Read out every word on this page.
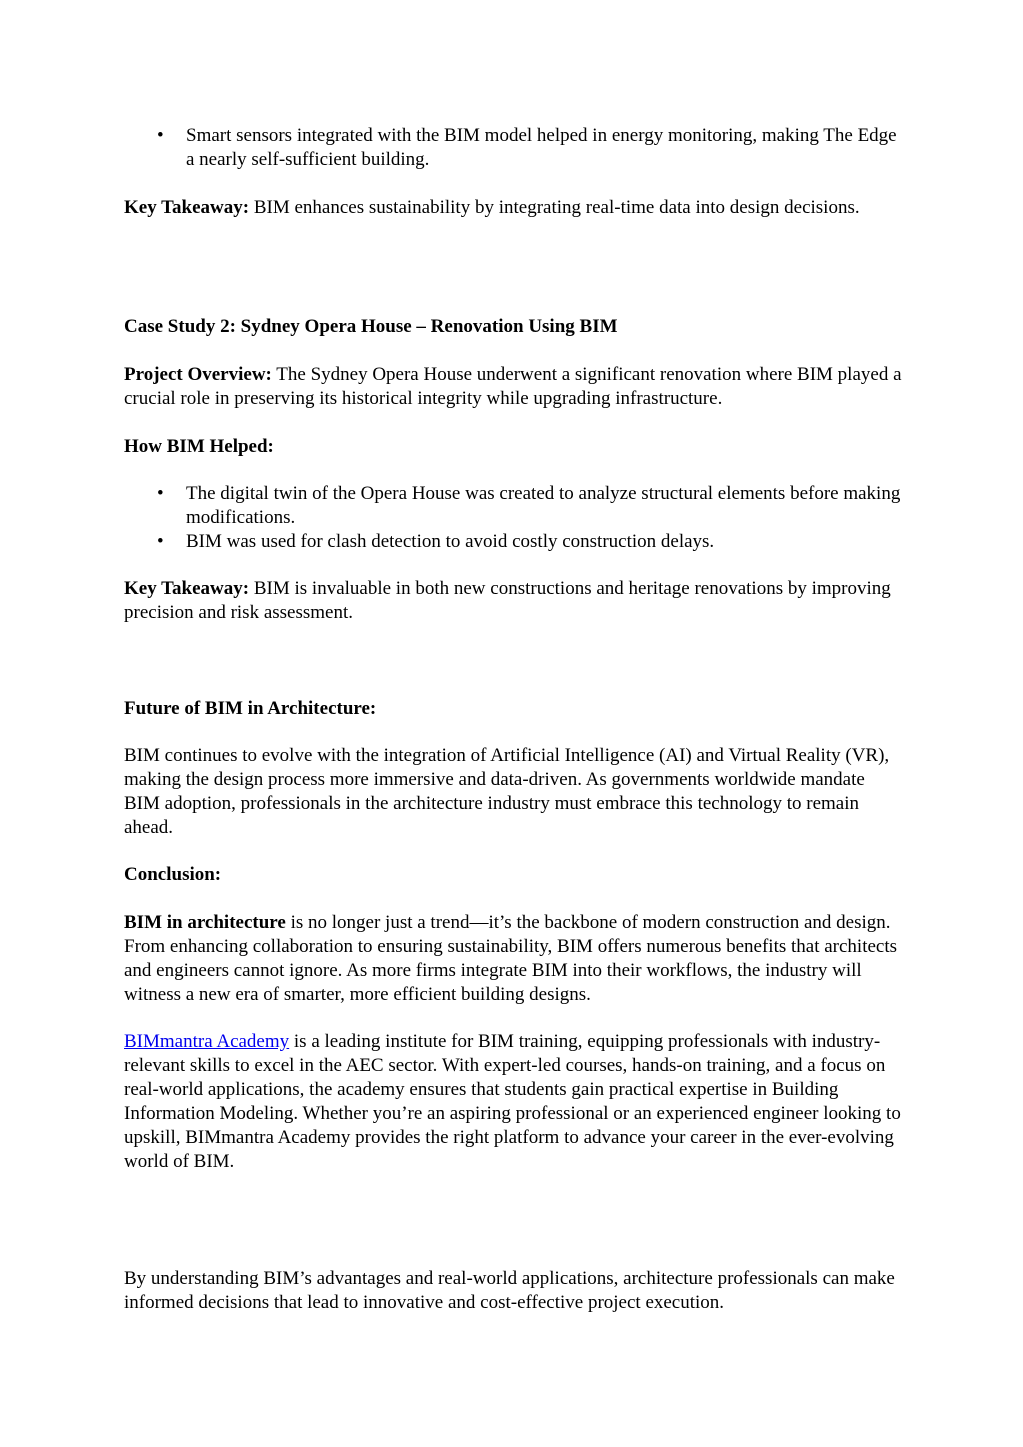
• Smart sensors integrated with the BIM model helped in energy monitoring, making The Edge a nearly self-sufficient building.

Key Takeaway: BIM enhances sustainability by integrating real-time data into design decisions.

Case Study 2: Sydney Opera House – Renovation Using BIM

Project Overview: The Sydney Opera House underwent a significant renovation where BIM played a crucial role in preserving its historical integrity while upgrading infrastructure.

How BIM Helped:

• The digital twin of the Opera House was created to analyze structural elements before making modifications.
• BIM was used for clash detection to avoid costly construction delays.

Key Takeaway: BIM is invaluable in both new constructions and heritage renovations by improving precision and risk assessment.

Future of BIM in Architecture:

BIM continues to evolve with the integration of Artificial Intelligence (AI) and Virtual Reality (VR), making the design process more immersive and data-driven. As governments worldwide mandate BIM adoption, professionals in the architecture industry must embrace this technology to remain ahead.

Conclusion:

BIM in architecture is no longer just a trend—it’s the backbone of modern construction and design. From enhancing collaboration to ensuring sustainability, BIM offers numerous benefits that architects and engineers cannot ignore. As more firms integrate BIM into their workflows, the industry will witness a new era of smarter, more efficient building designs.

BIMmantra Academy is a leading institute for BIM training, equipping professionals with industry-relevant skills to excel in the AEC sector. With expert-led courses, hands-on training, and a focus on real-world applications, the academy ensures that students gain practical expertise in Building Information Modeling. Whether you’re an aspiring professional or an experienced engineer looking to upskill, BIMmantra Academy provides the right platform to advance your career in the ever-evolving world of BIM.

By understanding BIM’s advantages and real-world applications, architecture professionals can make informed decisions that lead to innovative and cost-effective project execution.
